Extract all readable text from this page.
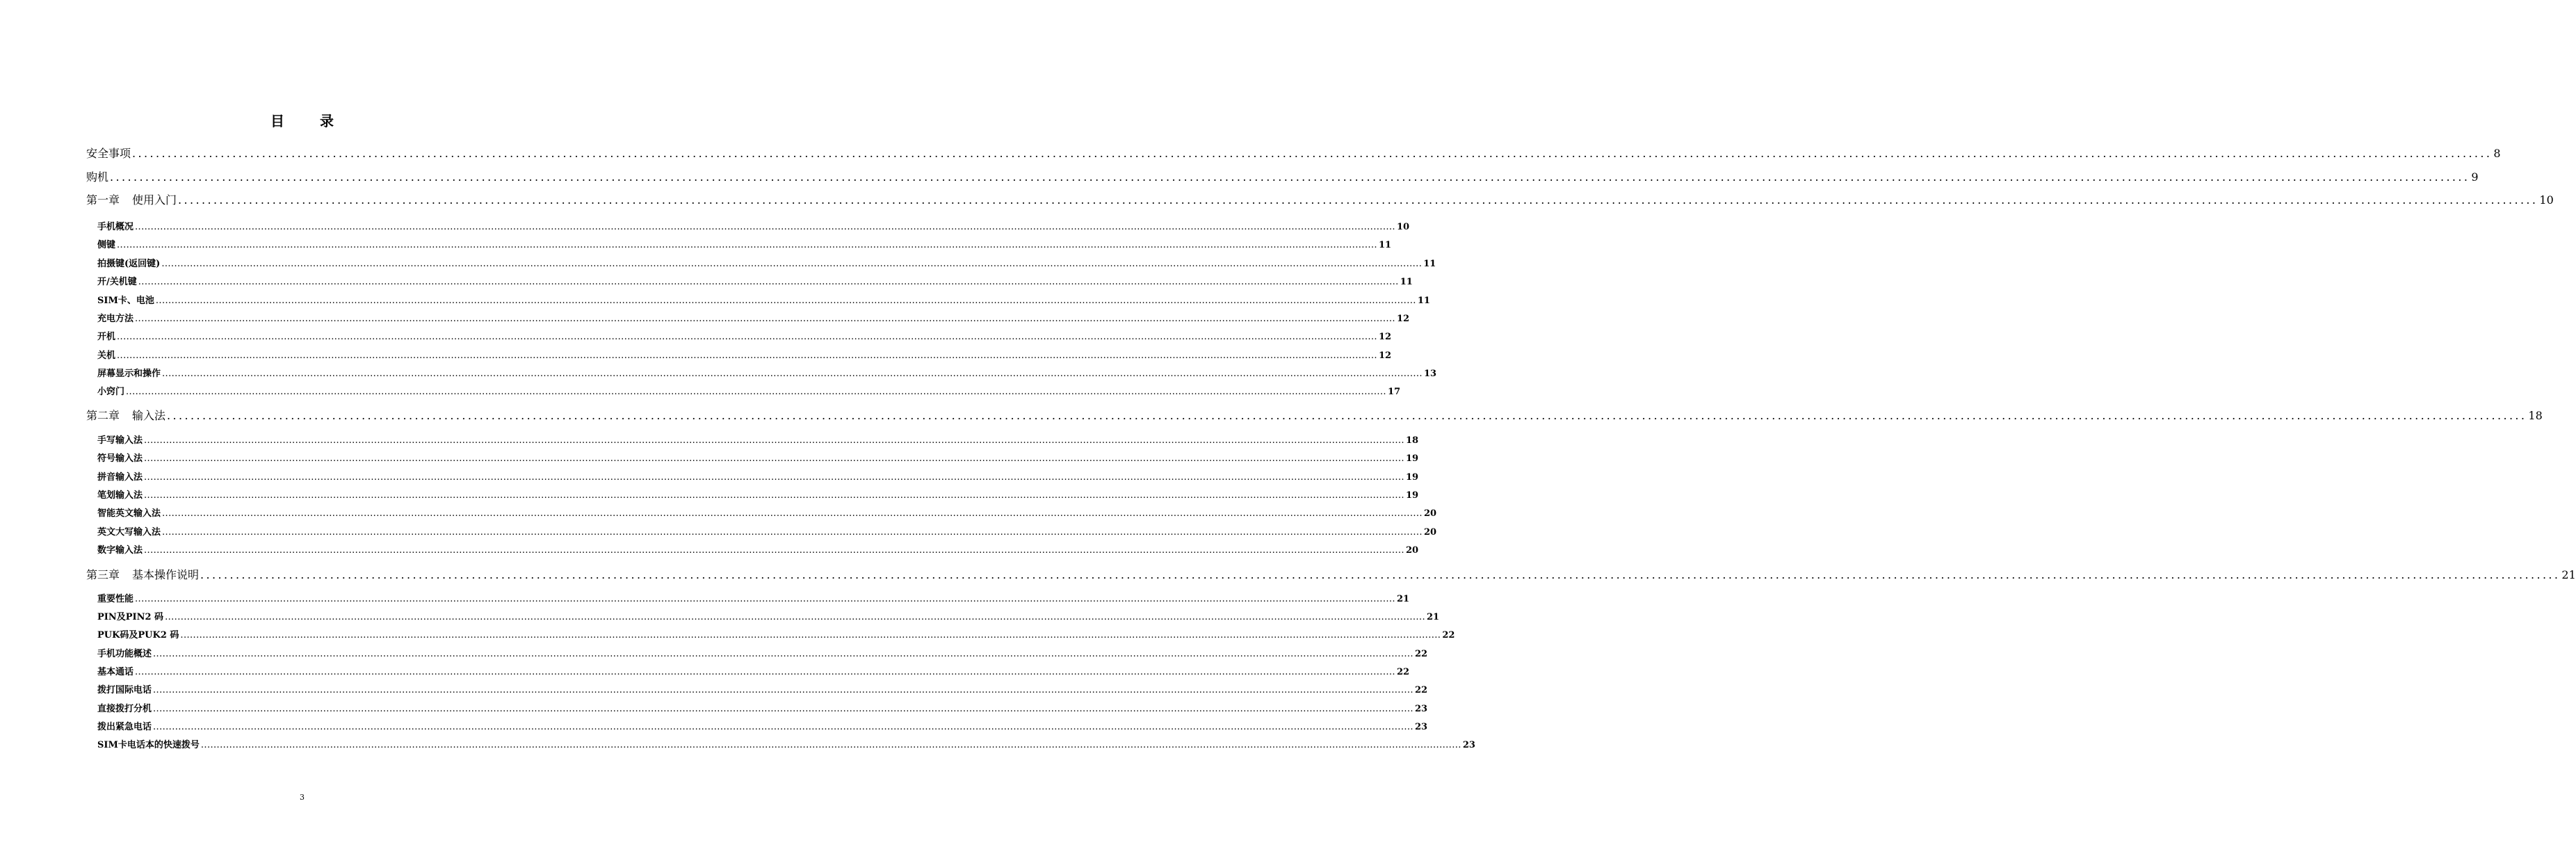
目 录
安全事项 ................................................................................................................................................................................................................................................................................................................................................................................................................ 8
购机 ................................................................................................................................................................................................................................................................................................................................................................................................................ 9
第一章 使用入门 ................................................................................................................................................................................................................................................................................................................................................................................................................ 10
手机概况 ................................................................................................................................................................................................................................................................................................................................................................................................................ 10
侧键 ................................................................................................................................................................................................................................................................................................................................................................................................................ 11
拍摄键(返回键) ................................................................................................................................................................................................................................................................................................................................................................................................................ 11
开/关机键 ................................................................................................................................................................................................................................................................................................................................................................................................................ 11
SIM卡、电池 ................................................................................................................................................................................................................................................................................................................................................................................................................ 11
充电方法 ................................................................................................................................................................................................................................................................................................................................................................................................................ 12
开机 ................................................................................................................................................................................................................................................................................................................................................................................................................ 12
关机 ................................................................................................................................................................................................................................................................................................................................................................................................................ 12
屏幕显示和操作 ................................................................................................................................................................................................................................................................................................................................................................................................................ 13
小窍门 ................................................................................................................................................................................................................................................................................................................................................................................................................ 17
第二章 输入法 ................................................................................................................................................................................................................................................................................................................................................................................................................ 18
手写输入法 ................................................................................................................................................................................................................................................................................................................................................................................................................ 18
符号输入法 ................................................................................................................................................................................................................................................................................................................................................................................................................ 19
拼音输入法 ................................................................................................................................................................................................................................................................................................................................................................................................................ 19
笔划输入法 ................................................................................................................................................................................................................................................................................................................................................................................................................ 19
智能英文输入法 ................................................................................................................................................................................................................................................................................................................................................................................................................ 20
英文大写输入法 ................................................................................................................................................................................................................................................................................................................................................................................................................ 20
数字输入法 ................................................................................................................................................................................................................................................................................................................................................................................................................ 20
第三章 基本操作说明 ................................................................................................................................................................................................................................................................................................................................................................................................................ 21
重要性能 ................................................................................................................................................................................................................................................................................................................................................................................................................ 21
PIN及PIN2 码 ................................................................................................................................................................................................................................................................................................................................................................................................................ 21
PUK码及PUK2 码 ................................................................................................................................................................................................................................................................................................................................................................................................................ 22
手机功能概述 ................................................................................................................................................................................................................................................................................................................................................................................................................ 22
基本通话 ................................................................................................................................................................................................................................................................................................................................................................................................................ 22
拨打国际电话 ................................................................................................................................................................................................................................................................................................................................................................................................................ 22
直接拨打分机 ................................................................................................................................................................................................................................................................................................................................................................................................................ 23
拨出紧急电话 ................................................................................................................................................................................................................................................................................................................................................................................................................ 23
SIM卡电话本的快速拨号 ................................................................................................................................................................................................................................................................................................................................................................................................................ 23
3
